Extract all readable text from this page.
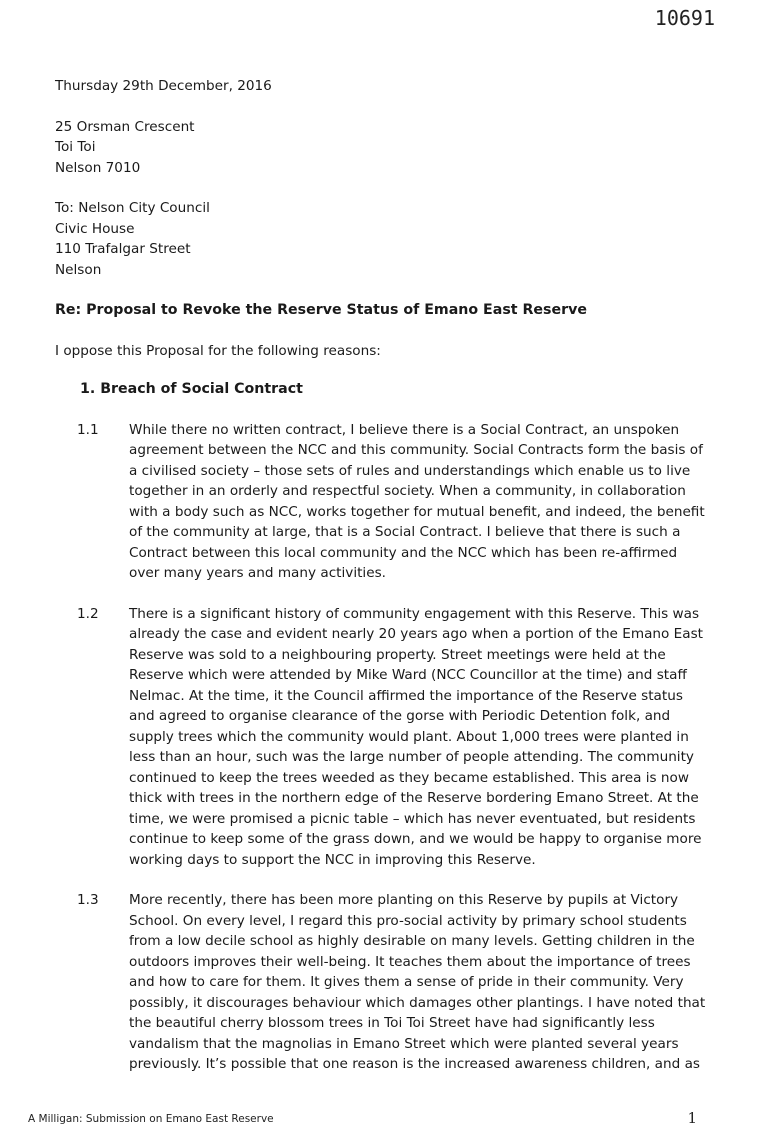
10691
Thursday 29th December, 2016
25 Orsman Crescent
Toi Toi
Nelson 7010
To: Nelson City Council
Civic House
110 Trafalgar Street
Nelson
Re: Proposal to Revoke the Reserve Status of Emano East Reserve
I oppose this Proposal for the following reasons:
1. Breach of Social Contract
1.1	While there no written contract, I believe there is a Social Contract, an unspoken
agreement between the NCC and this community. Social Contracts form the basis of
a civilised society – those sets of rules and understandings which enable us to live
together in an orderly and respectful society. When a community, in collaboration
with a body such as NCC, works together for mutual benefit, and indeed, the benefit
of the community at large, that is a Social Contract. I believe that there is such a
Contract between this local community and the NCC which has been re-affirmed
over many years and many activities.
1.2	There is a significant history of community engagement with this Reserve. This was
already the case and evident nearly 20 years ago when a portion of the Emano East
Reserve was sold to a neighbouring property. Street meetings were held at the
Reserve which were attended by Mike Ward (NCC Councillor at the time) and staff
Nelmac. At the time, it the Council affirmed the importance of the Reserve status
and agreed to organise clearance of the gorse with Periodic Detention folk, and
supply trees which the community would plant. About 1,000 trees were planted in
less than an hour, such was the large number of people attending. The community
continued to keep the trees weeded as they became established. This area is now
thick with trees in the northern edge of the Reserve bordering Emano Street. At the
time, we were promised a picnic table – which has never eventuated, but residents
continue to keep some of the grass down, and we would be happy to organise more
working days to support the NCC in improving this Reserve.
1.3	More recently, there has been more planting on this Reserve by pupils at Victory
School. On every level, I regard this pro-social activity by primary school students
from a low decile school as highly desirable on many levels. Getting children in the
outdoors improves their well-being. It teaches them about the importance of trees
and how to care for them. It gives them a sense of pride in their community. Very
possibly, it discourages behaviour which damages other plantings. I have noted that
the beautiful cherry blossom trees in Toi Toi Street have had significantly less
vandalism that the magnolias in Emano Street which were planted several years
previously. It’s possible that one reason is the increased awareness children, and as
A Milligan: Submission on Emano East Reserve	1
